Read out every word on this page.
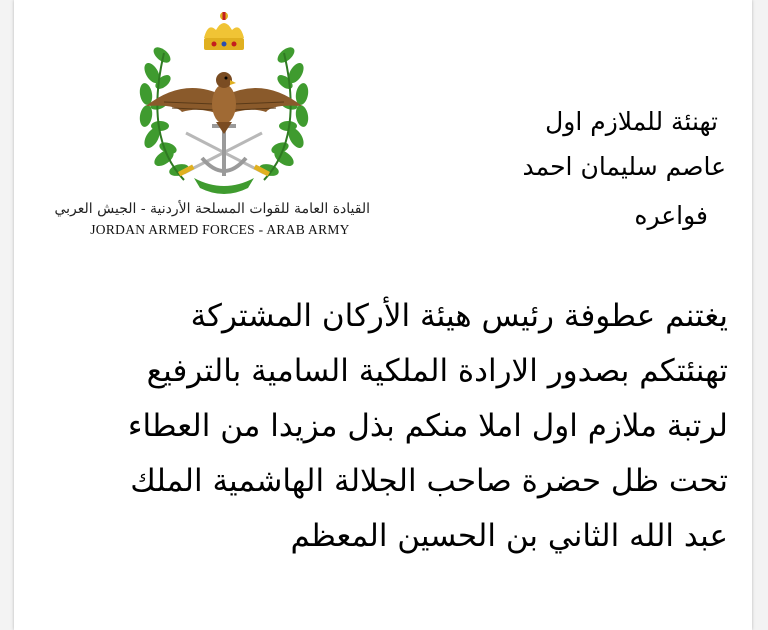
القيادة العامة للقوات المسلحة الأردنية - الجيش العربي
JORDAN ARMED FORCES - ARAB ARMY
تهنئة للملازم اول
عاصم سليمان احمد
فواعره
يغتنم عطوفة رئيس هيئة الأركان المشتركة
تهنئتكم بصدور الارادة الملكية السامية بالترفيع
لرتبة ملازم اول املا منكم بذل مزيدا من العطاء
تحت ظل حضرة صاحب الجلالة الهاشمية الملك
عبد الله الثاني بن الحسين المعظم
